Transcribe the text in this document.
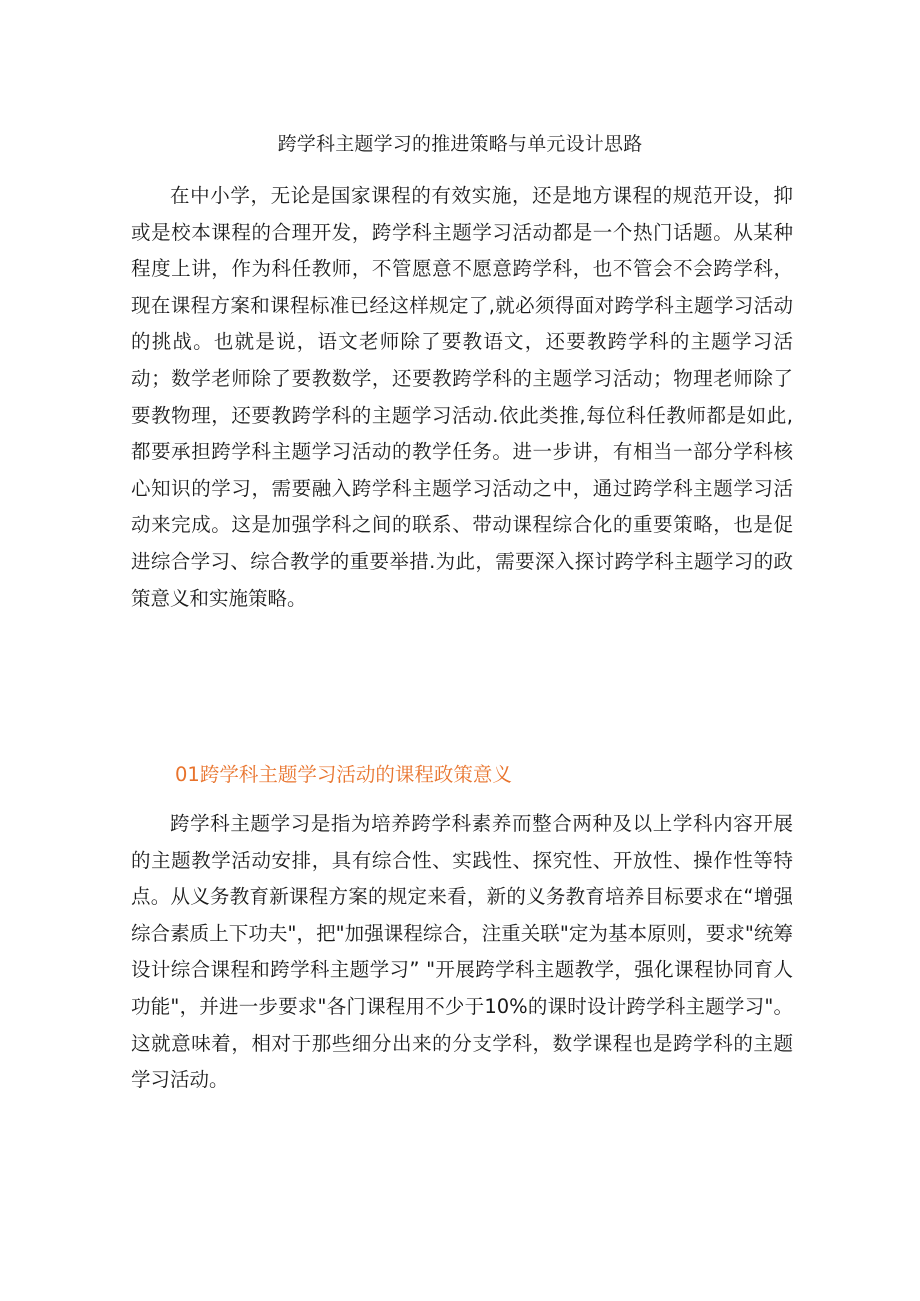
跨学科主题学习的推进策略与单元设计思路

在中小学，无论是国家课程的有效实施，还是地方课程的规范开设，抑或是校本课程的合理开发，跨学科主题学习活动都是一个热门话题。从某种程度上讲，作为科任教师，不管愿意不愿意跨学科，也不管会不会跨学科，现在课程方案和课程标准已经这样规定了,就必须得面对跨学科主题学习活动的挑战。也就是说，语文老师除了要教语文，还要教跨学科的主题学习活动；数学老师除了要教数学，还要教跨学科的主题学习活动；物理老师除了要教物理，还要教跨学科的主题学习活动.依此类推,每位科任教师都是如此,都要承担跨学科主题学习活动的教学任务。进一步讲，有相当一部分学科核心知识的学习，需要融入跨学科主题学习活动之中，通过跨学科主题学习活动来完成。这是加强学科之间的联系、带动课程综合化的重要策略，也是促进综合学习、综合教学的重要举措.为此，需要深入探讨跨学科主题学习的政策意义和实施策略。

01跨学科主题学习活动的课程政策意义

跨学科主题学习是指为培养跨学科素养而整合两种及以上学科内容开展的主题教学活动安排，具有综合性、实践性、探究性、开放性、操作性等特点。从义务教育新课程方案的规定来看，新的义务教育培养目标要求在“增强综合素质上下功夫"，把"加强课程综合，注重关联"定为基本原则，要求"统筹设计综合课程和跨学科主题学习” "开展跨学科主题教学，强化课程协同育人功能"，并进一步要求"各门课程用不少于10%的课时设计跨学科主题学习"。这就意味着，相对于那些细分出来的分支学科，数学课程也是跨学科的主题学习活动。
